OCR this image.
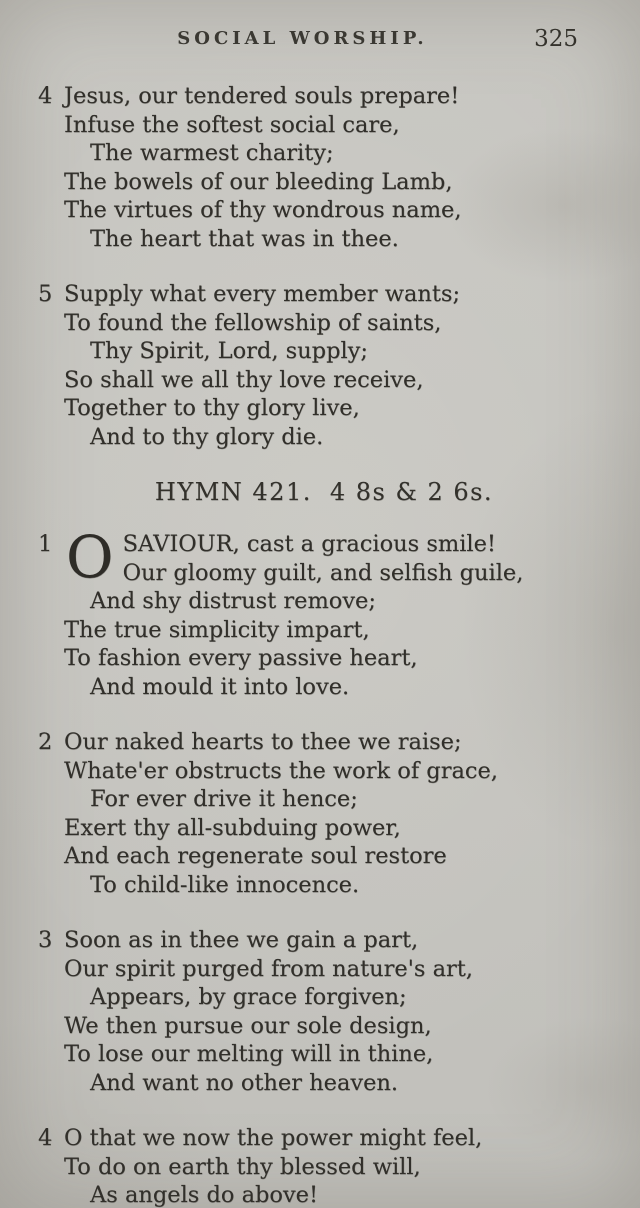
SOCIAL WORSHIP.	325
4 Jesus, our tendered souls prepare!
Infuse the softest social care,
The warmest charity;
The bowels of our bleeding Lamb,
The virtues of thy wondrous name,
The heart that was in thee.
5 Supply what every member wants;
To found the fellowship of saints,
Thy Spirit, Lord, supply;
So shall we all thy love receive,
Together to thy glory live,
And to thy glory die.
HYMN 421. 4 8s & 2 6s.
1 O SAVIOUR, cast a gracious smile!
Our gloomy guilt, and selfish guile,
And shy distrust remove;
The true simplicity impart,
To fashion every passive heart,
And mould it into love.
2 Our naked hearts to thee we raise;
Whate'er obstructs the work of grace,
For ever drive it hence;
Exert thy all-subduing power,
And each regenerate soul restore
To child-like innocence.
3 Soon as in thee we gain a part,
Our spirit purged from nature's art,
Appears, by grace forgiven;
We then pursue our sole design,
To lose our melting will in thine,
And want no other heaven.
4 O that we now the power might feel,
To do on earth thy blessed will,
As angels do above!
